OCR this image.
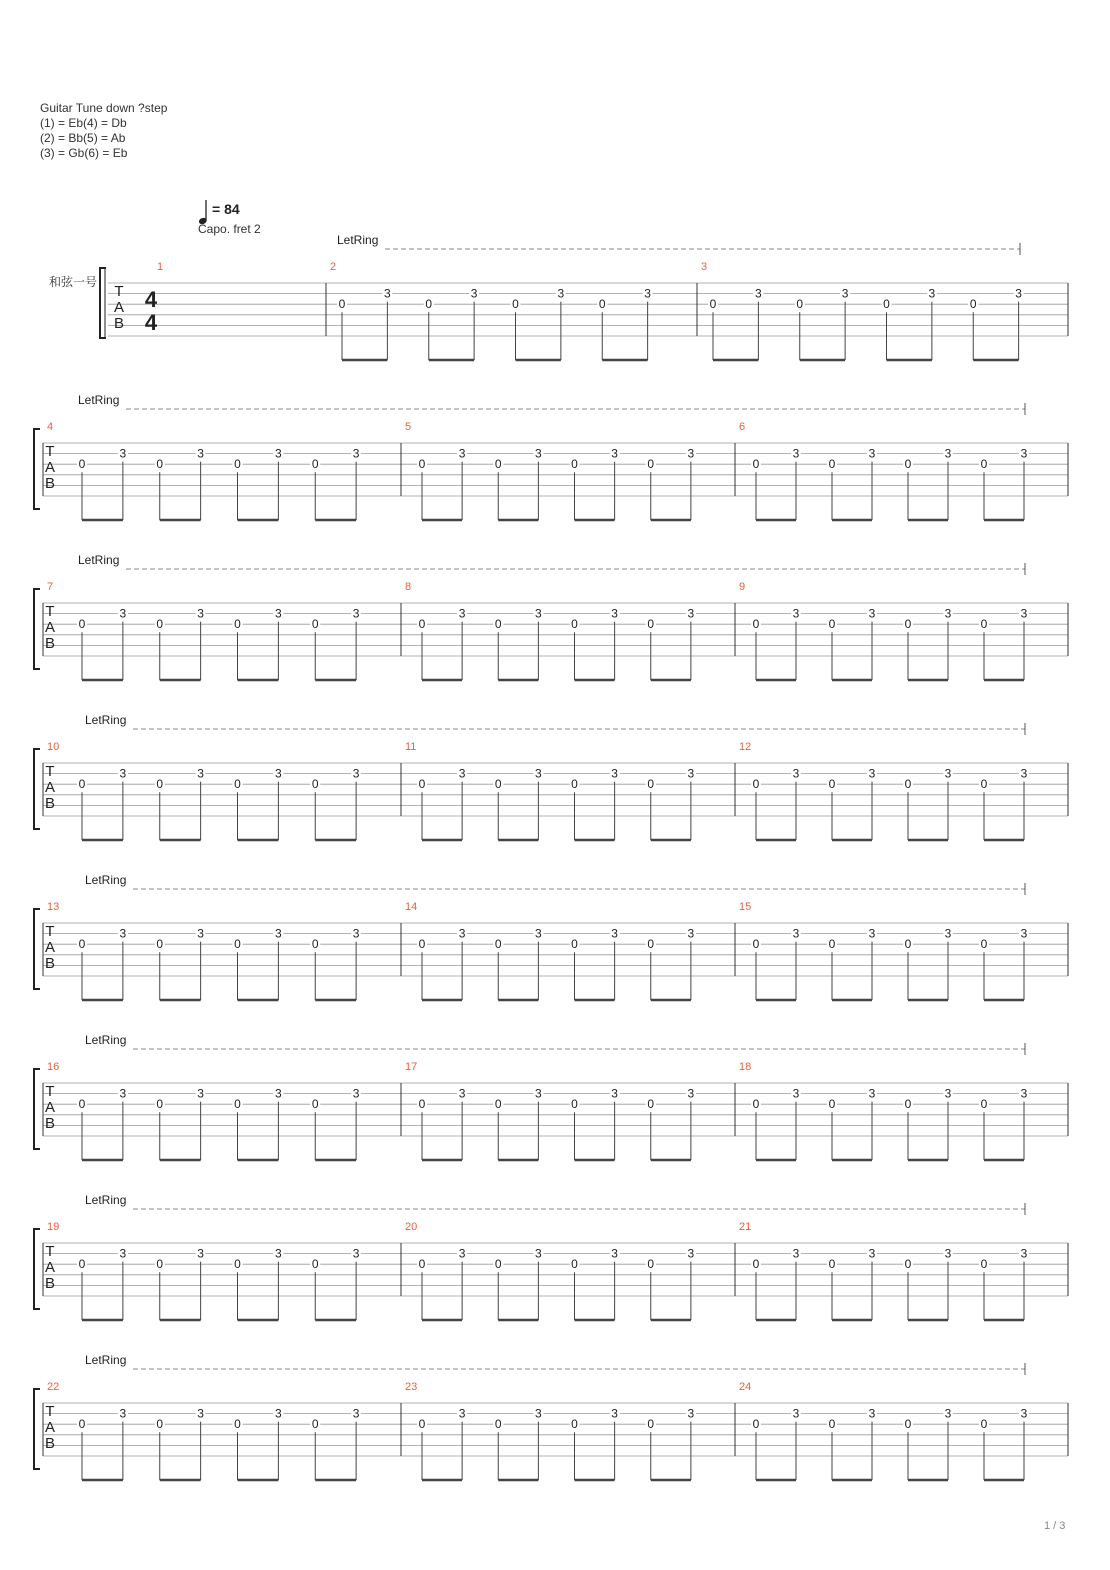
Guitar Tune down ?step
(1) = Eb(4) = Db
(2) = Bb(5) = Ab
(3) = Gb(6) = Eb
= 84
Capo. fret 2
和弦一号
T
A
B
4
4
LetRing
1	2
0
3
0
3
0
3
0
3
3
0
3
0
3
0
3
0
3
T
A
B
LetRing
4
0
3
0
3
0
3
0
3
5
0
3
0
3
0
3
0
3
6
0
3
0
3
0
3
0
3
T
A
B
LetRing
7
0
3
0
3
0
3
0
3
8
0
3
0
3
0
3
0
3
9
0
3
0
3
0
3
0
3
T
A
B
LetRing
10
0
3
0
3
0
3
0
3
11
0
3
0
3
0
3
0
3
12
0
3
0
3
0
3
0
3
T
A
B
LetRing
13
0
3
0
3
0
3
0
3
14
0
3
0
3
0
3
0
3
15
0
3
0
3
0
3
0
3
T
A
B
LetRing
16
0
3
0
3
0
3
0
3
17
0
3
0
3
0
3
0
3
18
0
3
0
3
0
3
0
3
T
A
B
LetRing
19
0
3
0
3
0
3
0
3
20
0
3
0
3
0
3
0
3
21
0
3
0
3
0
3
0
3
T
A
B
LetRing
22
0
3
0
3
0
3
0
3
23
0
3
0
3
0
3
0
3
24
0
3
0
3
0
3
0
3
1 / 3
